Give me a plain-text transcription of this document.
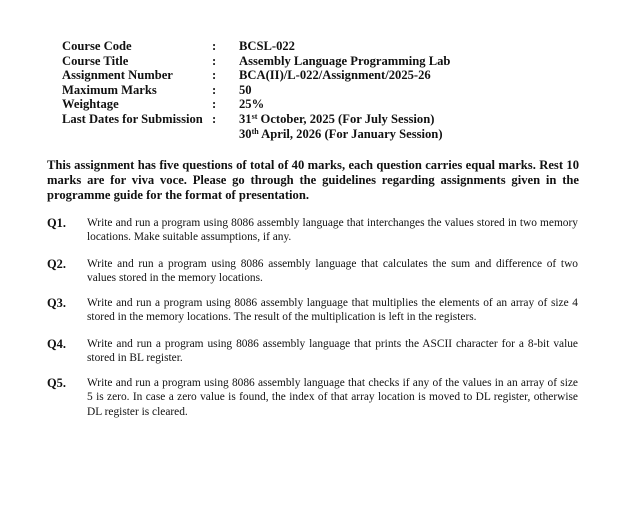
Course Code	:	BCSL-022
Course Title	:	Assembly Language Programming Lab
Assignment Number	:	BCA(II)/L-022/Assignment/2025-26
Maximum Marks	:	50
Weightage	:	25%
Last Dates for Submission :	31st October, 2025 (For July Session)
30th April, 2026 (For January Session)

This assignment has five questions of total of 40 marks, each question carries equal marks. Rest 10 marks are for viva voce. Please go through the guidelines regarding assignments given in the programme guide for the format of presentation.

Q1.	Write and run a program using 8086 assembly language that interchanges the values stored in two memory locations. Make suitable assumptions, if any.
Q2.	Write and run a program using 8086 assembly language that calculates the sum and difference of two values stored in the memory locations.
Q3.	Write and run a program using 8086 assembly language that multiplies the elements of an array of size 4 stored in the memory locations. The result of the multiplication is left in the registers.
Q4.	Write and run a program using 8086 assembly language that prints the ASCII character for a 8-bit value stored in BL register.
Q5.	Write and run a program using 8086 assembly language that checks if any of the values in an array of size 5 is zero. In case a zero value is found, the index of that array location is moved to DL register, otherwise DL register is cleared.
